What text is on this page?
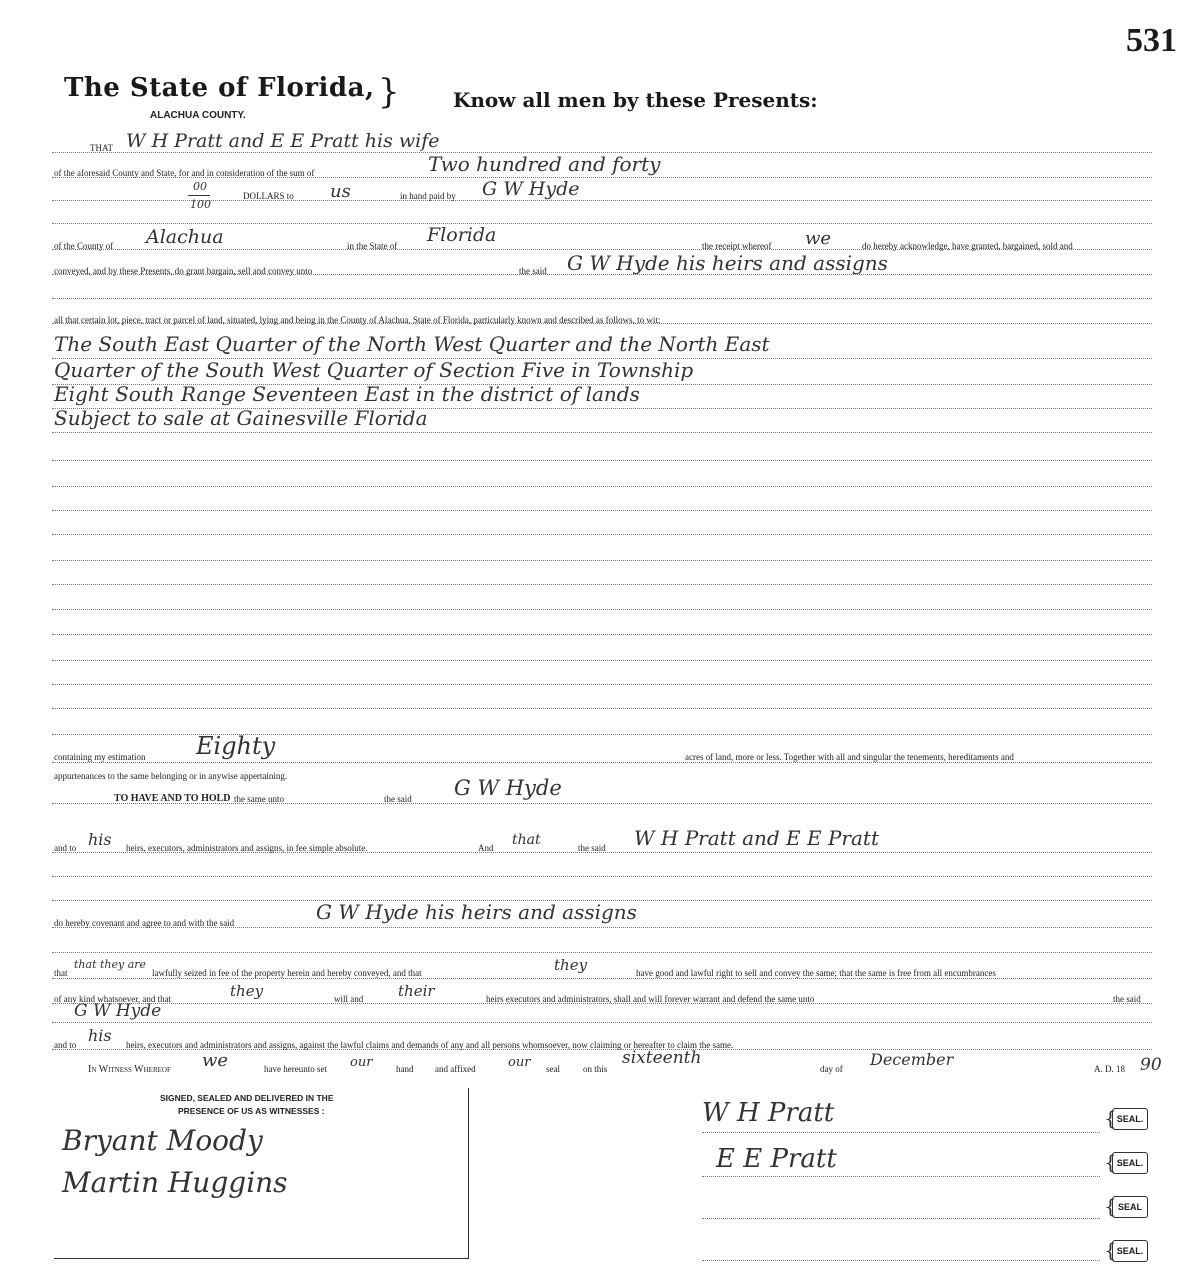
531
The State of Florida, }
ALACHUA COUNTY.
Know all men by these Presents:
THAT W H Pratt and E E Pratt his wife
of the aforesaid County and State, for and in consideration of the sum of	Two hundred and forty
00
100
DOLLARS to us	in hand paid by G W Hyde
of the County of Alachua	in the State of Florida	the receipt whereof we	do hereby acknowledge, have granted, bargained, sold and
conveyed, and by these Presents, do grant bargain, sell and convey unto	the said G W Hyde his heirs and assigns
all that certain lot, piece, tract or parcel of land, situated, lying and being in the County of Alachua, State of Florida, particularly known and described as follows, to wit:
The South East Quarter of the North West Quarter and the North East
Quarter of the South West Quarter of Section Five in Township
Eight South Range Seventeen East in the district of lands
Subject to sale at Gainesville Florida
containing my estimation Eighty	acres of land, more or less. Together with all and singular the tenements, hereditaments and
appurtenances to the same belonging or in anywise appertaining.
TO HAVE AND TO HOLD the same unto	the said G W Hyde
and to his heirs, executors, administrators and assigns, in fee simple absolute.	And that	the said W H Pratt and E E Pratt
do hereby covenant and agree to and with the said	G W Hyde his heirs and assigns
that
that they are
lawfully seized in fee of the property herein and hereby conveyed, and that	they	have good and lawful right to sell and convey the same; that the same is free from all encumbrances
of any kind whatsoever, and that	they	will and their	heirs executors and administrators, shall and will forever warrant and defend the same unto	the said
G W Hyde
and to his heirs, executors and administrators and assigns, against the lawful claims and demands of any and all persons whomsoever, now claiming or hereafter to claim the same.
In Witness Whereof we	have hereunto set our	hand and affixed our seal	on this
sixteenth
day of December	A. D. 18 90
SIGNED, SEALED AND DELIVERED IN THE
PRESENCE OF US AS WITNESSES :
Bryant Moody
Martin Huggins
W H Pratt
E E Pratt
{ SEAL.
{ SEAL.
{ SEAL
{ SEAL.
